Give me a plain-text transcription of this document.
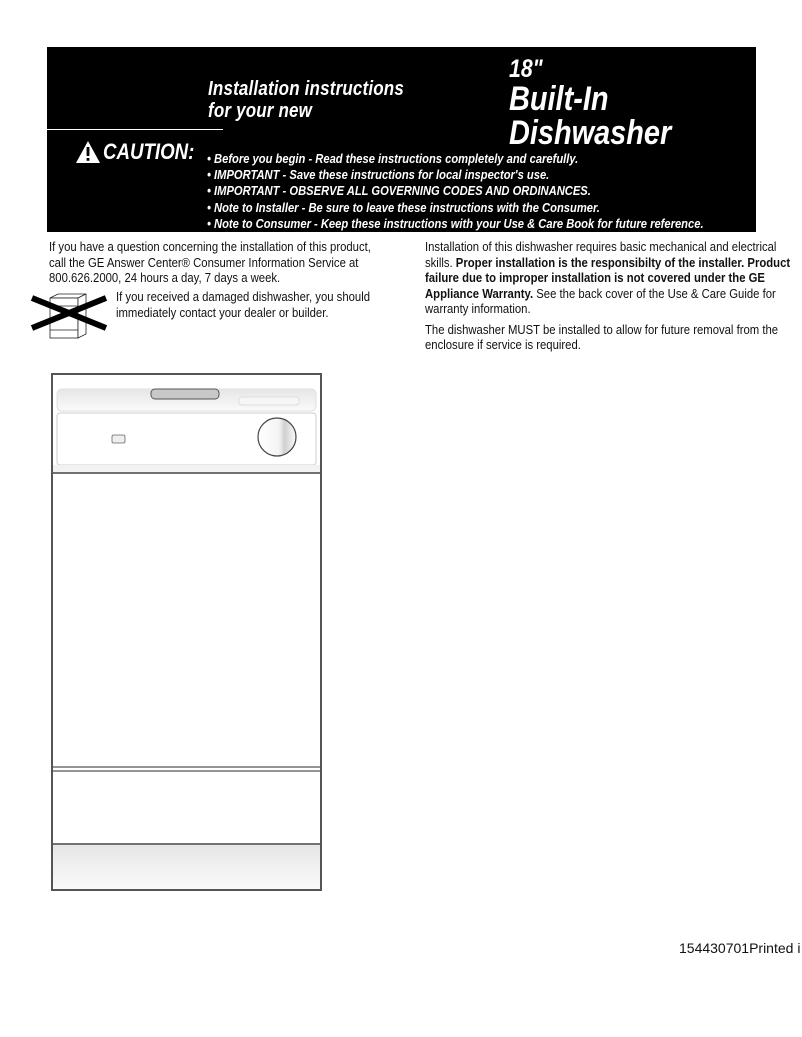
Installation instructions
for your new
18"
Built-In
Dishwasher
CAUTION:	• Before you begin - Read these instructions completely and carefully.
• IMPORTANT - Save these instructions for local inspector's use.
• IMPORTANT - OBSERVE ALL GOVERNING CODES AND ORDINANCES.
• Note to Installer - Be sure to leave these instructions with the Consumer.
• Note to Consumer - Keep these instructions with your Use & Care Book for future reference.

If you have a question concerning the installation of this product, call the GE Answer Center® Consumer Information Service at 800.626.2000, 24 hours a day, 7 days a week.

If you received a damaged dishwasher, you should immediately contact your dealer or builder.

Installation of this dishwasher requires basic mechanical and electrical skills. Proper installation is the responsibilty of the installer. Product failure due to improper installation is not covered under the GE Appliance Warranty. See the back cover of the Use & Care Guide for warranty information.

The dishwasher MUST be installed to allow for future removal from the enclosure if service is required.

154430701Printed i
